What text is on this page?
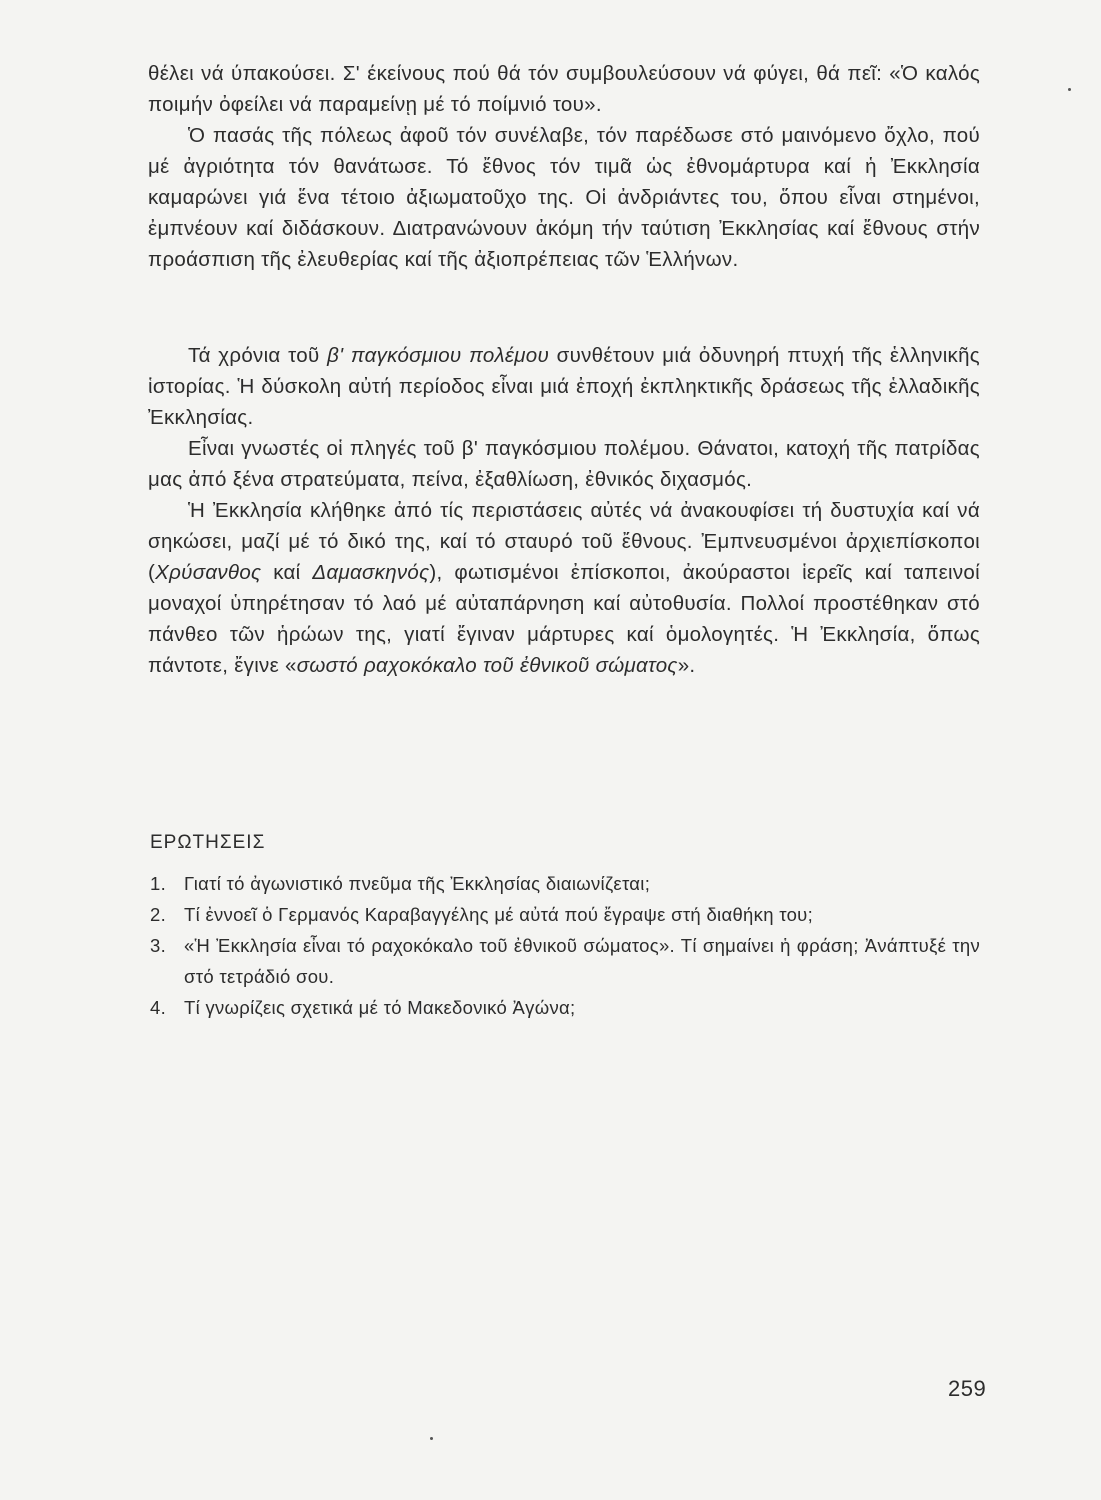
θέλει νά ύπακούσει. Σ' έκείνους πού θά τόν συμβουλεύσουν νά φύγει, θά πεῖ: «Ὁ καλός ποιμήν ὀφείλει νά παραμείνῃ μέ τό ποίμνιό του».

Ὁ πασάς τῆς πόλεως ἀφοῦ τόν συνέλαβε, τόν παρέδωσε στό μαινόμενο ὄχλο, πού μέ ἀγριότητα τόν θανάτωσε. Τό ἔθνος τόν τιμᾶ ὡς ἐθνομάρτυρα καί ἡ Ἐκκλησία καμαρώνει γιά ἕνα τέτοιο ἀξιωματοῦχο της. Οἱ ἀνδριάντες του, ὅπου εἶναι στημένοι, ἐμπνέουν καί διδάσκουν. Διατρανώνουν ἀκόμη τήν ταύτιση Ἐκκλησίας καί ἔθνους στήν προάσπιση τῆς ἐλευθερίας καί τῆς ἀξιοπρέπειας τῶν Ἑλλήνων.

Τά χρόνια τοῦ β' παγκόσμιου πολέμου συνθέτουν μιά ὀδυνηρή πτυχή τῆς ἑλληνικῆς ἱστορίας. Ἡ δύσκολη αὐτή περίοδος εἶναι μιά ἐποχή ἐκπληκτικῆς δράσεως τῆς ἑλλαδικῆς Ἐκκλησίας.

Εἶναι γνωστές οἱ πληγές τοῦ β' παγκόσμιου πολέμου. Θάνατοι, κατοχή τῆς πατρίδας μας ἀπό ξένα στρατεύματα, πείνα, ἐξαθλίωση, ἐθνικός διχασμός.

Ἡ Ἐκκλησία κλήθηκε ἀπό τίς περιστάσεις αὐτές νά ἀνακουφίσει τή δυστυχία καί νά σηκώσει, μαζί μέ τό δικό της, καί τό σταυρό τοῦ ἔθνους. Ἐμπνευσμένοι ἀρχιεπίσκοποι (Χρύσανθος καί Δαμασκηνός), φωτισμένοι ἐπίσκοποι, ἀκούραστοι ἱερεῖς καί ταπεινοί μοναχοί ὑπηρέτησαν τό λαό μέ αὐταπάρνηση καί αὐτοθυσία. Πολλοί προστέθηκαν στό πάνθεο τῶν ἡρώων της, γιατί ἔγιναν μάρτυρες καί ὁμολογητές. Ἡ Ἐκκλησία, ὅπως πάντοτε, ἔγινε «σωστό ραχοκόκαλο τοῦ ἐθνικοῦ σώματος».

ΕΡΩΤΗΣΕΙΣ
1. Γιατί τό ἀγωνιστικό πνεῦμα τῆς Ἐκκλησίας διαιωνίζεται;
2. Τί ἐννοεῖ ὁ Γερμανός Καραβαγγέλης μέ αὐτά πού ἔγραψε στή διαθήκη του;
3. «Ἡ Ἐκκλησία εἶναι τό ραχοκόκαλο τοῦ ἐθνικοῦ σώματος». Τί σημαίνει ἡ φράση; Ἀνάπτυξέ την στό τετράδιό σου.
4. Τί γνωρίζεις σχετικά μέ τό Μακεδονικό Ἀγώνα;
259
